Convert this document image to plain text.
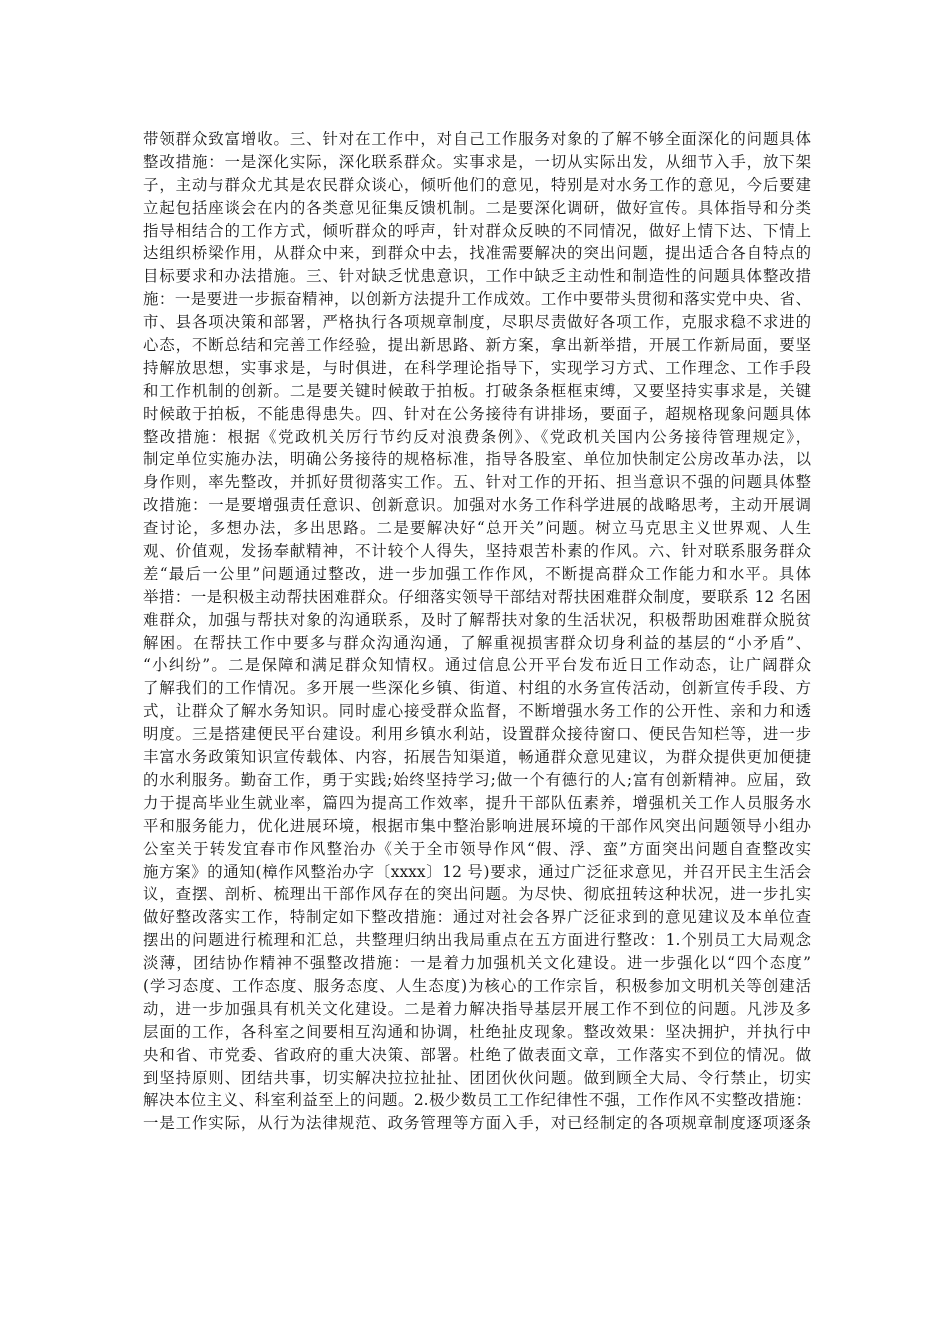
带领群众致富增收。三、针对在工作中，对自己工作服务对象的了解不够全面深化的问题具体
整改措施：一是深化实际，深化联系群众。实事求是，一切从实际出发，从细节入手，放下架
子，主动与群众尤其是农民群众谈心，倾听他们的意见，特别是对水务工作的意见，今后要建
立起包括座谈会在内的各类意见征集反馈机制。二是要深化调研，做好宣传。具体指导和分类
指导相结合的工作方式，倾听群众的呼声，针对群众反映的不同情况，做好上情下达、下情上
达组织桥梁作用，从群众中来，到群众中去，找准需要解决的突出问题，提出适合各自特点的
目标要求和办法措施。三、针对缺乏忧患意识，工作中缺乏主动性和制造性的问题具体整改措
施：一是要进一步振奋精神，以创新方法提升工作成效。工作中要带头贯彻和落实党中央、省、
市、县各项决策和部署，严格执行各项规章制度，尽职尽责做好各项工作，克服求稳不求进的
心态，不断总结和完善工作经验，提出新思路、新方案，拿出新举措，开展工作新局面，要坚
持解放思想，实事求是，与时俱进，在科学理论指导下，实现学习方式、工作理念、工作手段
和工作机制的创新。二是要关键时候敢于拍板。打破条条框框束缚，又要坚持实事求是，关键
时候敢于拍板，不能患得患失。四、针对在公务接待有讲排场，要面子，超规格现象问题具体
整改措施：根据《党政机关厉行节约反对浪费条例》、《党政机关国内公务接待管理规定》，
制定单位实施办法，明确公务接待的规格标准，指导各股室、单位加快制定公房改革办法，以
身作则，率先整改，并抓好贯彻落实工作。五、针对工作的开拓、担当意识不强的问题具体整
改措施：一是要增强责任意识、创新意识。加强对水务工作科学进展的战略思考，主动开展调
查讨论，多想办法，多出思路。二是要解决好“总开关”问题。树立马克思主义世界观、人生
观、价值观，发扬奉献精神，不计较个人得失，坚持艰苦朴素的作风。六、针对联系服务群众
差“最后一公里”问题通过整改，进一步加强工作作风，不断提高群众工作能力和水平。具体
举措：一是积极主动帮扶困难群众。仔细落实领导干部结对帮扶困难群众制度，要联系 12 名困
难群众，加强与帮扶对象的沟通联系，及时了解帮扶对象的生活状况，积极帮助困难群众脱贫
解困。在帮扶工作中要多与群众沟通沟通，了解重视损害群众切身利益的基层的“小矛盾”、
“小纠纷”。二是保障和满足群众知情权。通过信息公开平台发布近日工作动态，让广阔群众
了解我们的工作情况。多开展一些深化乡镇、街道、村组的水务宣传活动，创新宣传手段、方
式，让群众了解水务知识。同时虚心接受群众监督，不断增强水务工作的公开性、亲和力和透
明度。三是搭建便民平台建设。利用乡镇水利站，设置群众接待窗口、便民告知栏等，进一步
丰富水务政策知识宣传载体、内容，拓展告知渠道，畅通群众意见建议，为群众提供更加便捷
的水利服务。勤奋工作，勇于实践;始终坚持学习;做一个有德行的人;富有创新精神。应届，致
力于提高毕业生就业率，篇四为提高工作效率，提升干部队伍素养，增强机关工作人员服务水
平和服务能力，优化进展环境，根据市集中整治影响进展环境的干部作风突出问题领导小组办
公室关于转发宜春市作风整治办《关于全市领导作风“假、浮、蛮”方面突出问题自查整改实
施方案》的通知(樟作风整治办字〔xxxx〕12 号)要求，通过广泛征求意见，并召开民主生活会
议，查摆、剖析、梳理出干部作风存在的突出问题。为尽快、彻底扭转这种状况，进一步扎实
做好整改落实工作，特制定如下整改措施：通过对社会各界广泛征求到的意见建议及本单位查
摆出的问题进行梳理和汇总，共整理归纳出我局重点在五方面进行整改：1.个别员工大局观念
淡薄，团结协作精神不强整改措施：一是着力加强机关文化建设。进一步强化以“四个态度”
(学习态度、工作态度、服务态度、人生态度)为核心的工作宗旨，积极参加文明机关等创建活
动，进一步加强具有机关文化建设。二是着力解决指导基层开展工作不到位的问题。凡涉及多
层面的工作，各科室之间要相互沟通和协调，杜绝扯皮现象。整改效果：坚决拥护，并执行中
央和省、市党委、省政府的重大决策、部署。杜绝了做表面文章，工作落实不到位的情况。做
到坚持原则、团结共事，切实解决拉拉扯扯、团团伙伙问题。做到顾全大局、令行禁止，切实
解决本位主义、科室利益至上的问题。2.极少数员工工作纪律性不强，工作作风不实整改措施：
一是工作实际，从行为法律规范、政务管理等方面入手，对已经制定的各项规章制度逐项逐条
